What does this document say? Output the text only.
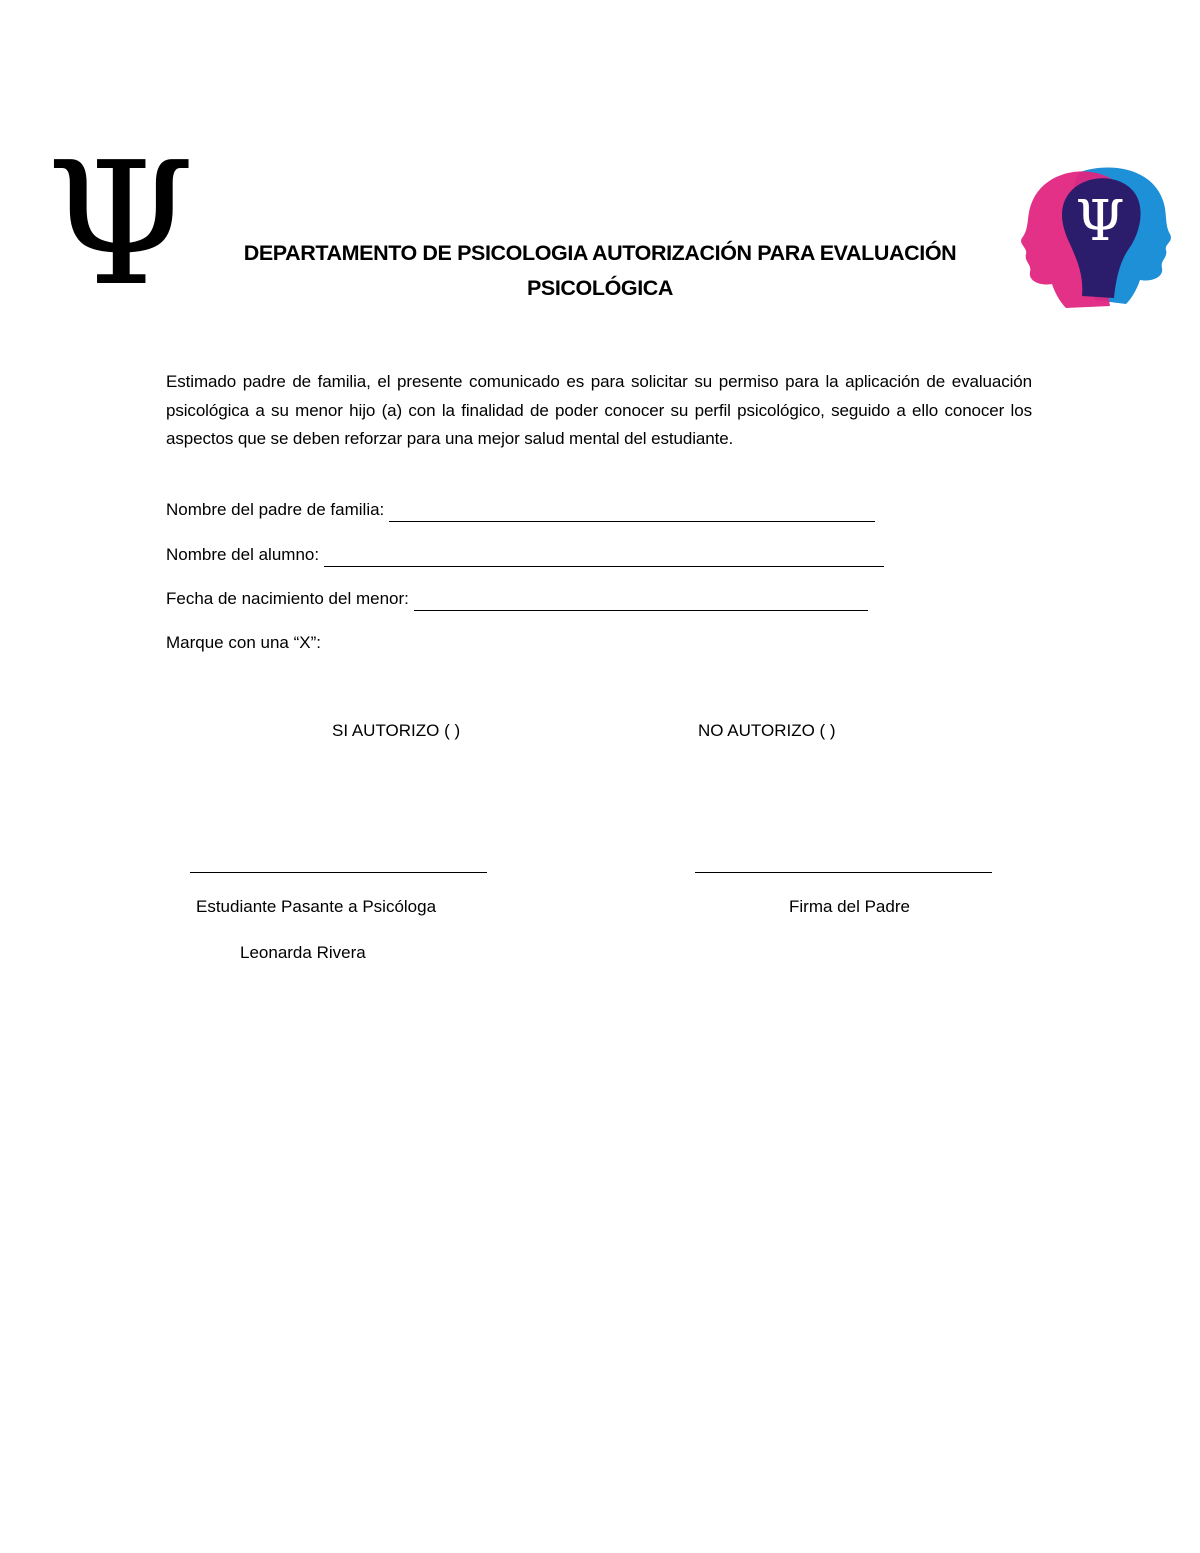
Ψ	Ψ
DEPARTAMENTO DE PSICOLOGIA AUTORIZACIÓN PARA EVALUACIÓN
PSICOLÓGICA
Estimado padre de familia, el presente comunicado es para solicitar su permiso para la aplicación de evaluación psicológica a su menor hijo (a) con la finalidad de poder conocer su perfil psicológico, seguido a ello conocer los aspectos que se deben reforzar para una mejor salud mental del estudiante.
Nombre del padre de familia:
Nombre del alumno:
Fecha de nacimiento del menor:
Marque con una “X”:
SI AUTORIZO ( )	NO AUTORIZO ( )
Estudiante Pasante a Psicóloga
Leonarda Rivera
Firma del Padre
